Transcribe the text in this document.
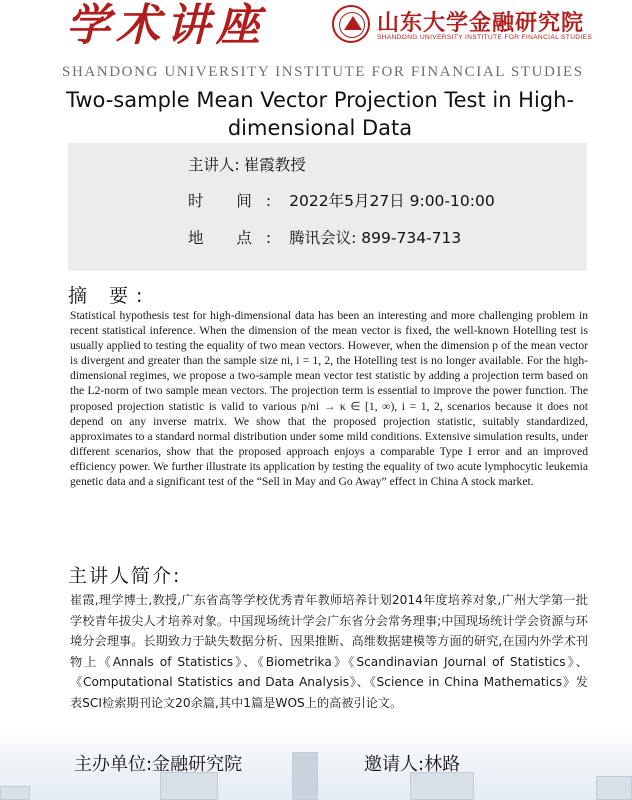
学术讲座	山东大学金融研究院
SHANDONG UNIVERSITY INSTITUTE FOR FINANCIAL STUDIES
SHANDONG UNIVERSITY INSTITUTE FOR FINANCIAL STUDIES
Two-sample Mean Vector Projection Test in High-dimensional Data
主讲人: 崔霞教授
时 间: 2022年5月27日 9:00-10:00
地 点: 腾讯会议: 899-734-713
摘 要:
Statistical hypothesis test for high-dimensional data has been an interesting and more challenging problem in recent statistical inference. When the dimension of the mean vector is fixed, the well-known Hotelling test is usually applied to testing the equality of two mean vectors. However, when the dimension p of the mean vector is divergent and greater than the sample size ni, i = 1, 2, the Hotelling test is no longer available. For the high-dimensional regimes, we propose a two-sample mean vector test statistic by adding a projection term based on the L2-norm of two sample mean vectors. The projection term is essential to improve the power function. The proposed projection statistic is valid to various p/ni → κ ∈ [1, ∞), i = 1, 2, scenarios because it does not depend on any inverse matrix. We show that the proposed projection statistic, suitably standardized, approximates to a standard normal distribution under some mild conditions. Extensive simulation results, under different scenarios, show that the proposed approach enjoys a comparable Type I error and an improved efficiency power. We further illustrate its application by testing the equality of two acute lymphocytic leukemia genetic data and a significant test of the “Sell in May and Go Away” effect in China A stock market.
主讲人简介:
崔霞,理学博士,教授,广东省高等学校优秀青年教师培养计划2014年度培养对象,广州大学第一批学校青年拔尖人才培养对象。中国现场统计学会广东省分会常务理事;中国现场统计学会资源与环境分会理事。长期致力于缺失数据分析、因果推断、高维数据建模等方面的研究,在国内外学术刊物上《Annals of Statistics》、《Biometrika》《Scandinavian Journal of Statistics》、《Computational Statistics and Data Analysis》、《Science in China Mathematics》发表SCI检索期刊论文20余篇,其中1篇是WOS上的高被引论文。
主办单位:金融研究院	邀请人:林路
